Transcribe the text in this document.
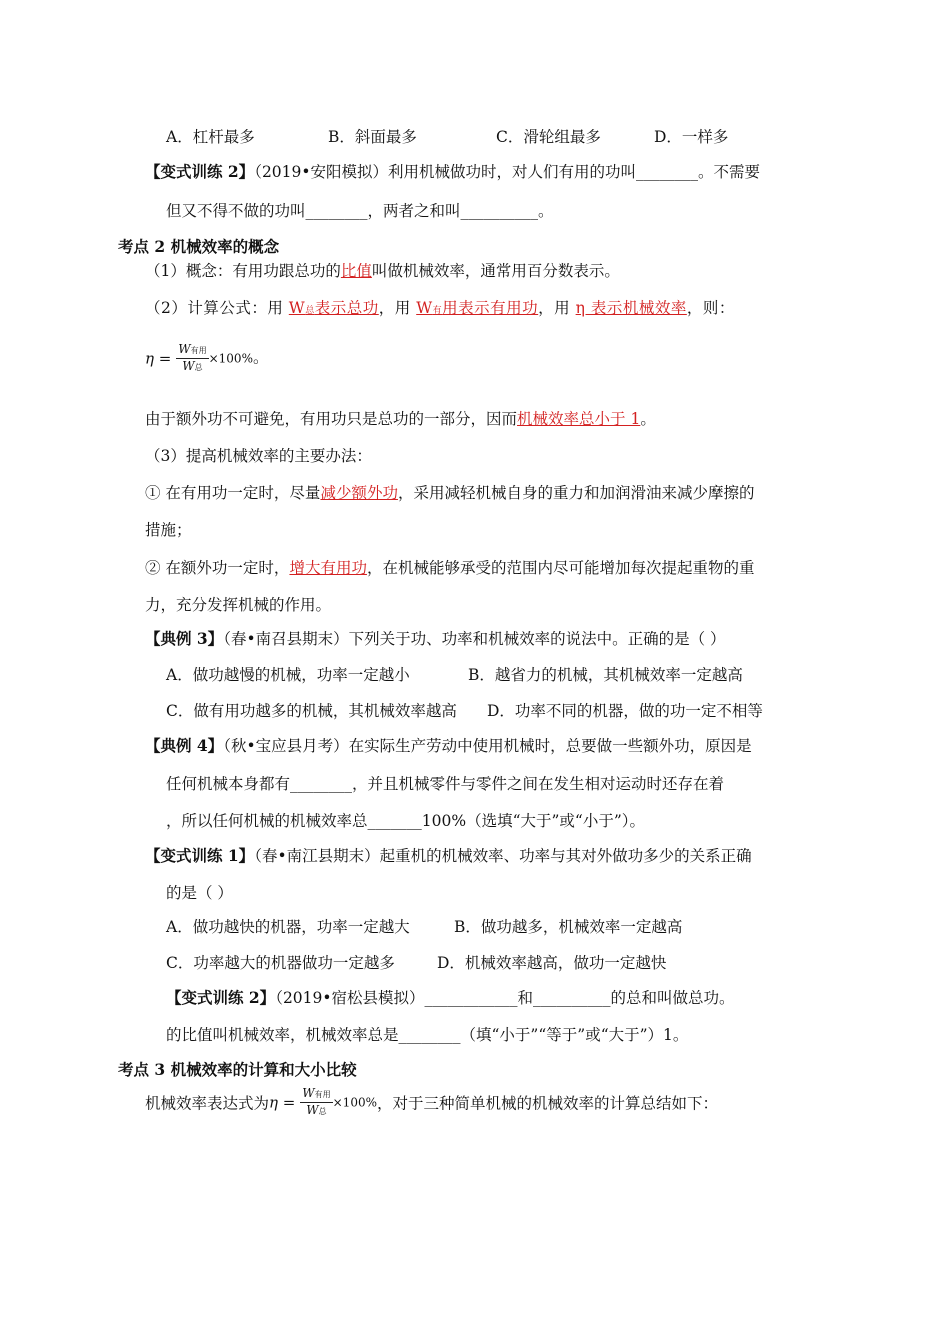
A．杠杆最多	B．斜面最多	C．滑轮组最多	D．一样多
【变式训练 2】（2019•安阳模拟）利用机械做功时，对人们有用的功叫________。不需要
但又不得不做的功叫________，两者之和叫__________。
考点 2 机械效率的概念
（1）概念：有用功跟总功的比值叫做机械效率，通常用百分数表示。
（2）计算公式：用 W总表示总功，用 W有用表示有用功，用 η 表示机械效率，则：
$\eta = \frac{\text{W有用}}{\text{W总}} \times 100\%$。
由于额外功不可避免，有用功只是总功的一部分，因而机械效率总小于 1。
（3）提高机械效率的主要办法：
① 在有用功一定时，尽量减少额外功，采用减轻机械自身的重力和加润滑油来减少摩擦的
措施；
② 在额外功一定时，增大有用功，在机械能够承受的范围内尽可能增加每次提起重物的重
力，充分发挥机械的作用。
【典例 3】（春•南召县期末）下列关于功、功率和机械效率的说法中。正确的是（ ）
A．做功越慢的机械，功率一定越小	B．越省力的机械，其机械效率一定越高
C．做有用功越多的机械，其机械效率越高 D．功率不同的机器，做的功一定不相等
【典例 4】（秋•宝应县月考）在实际生产劳动中使用机械时，总要做一些额外功，原因是
任何机械本身都有________，并且机械零件与零件之间在发生相对运动时还存在着
，所以任何机械的机械效率总_______100%（选填“大于”或“小于”）。
【变式训练 1】（春•南江县期末）起重机的机械效率、功率与其对外做功多少的关系正确
的是（ ）
A．做功越快的机器，功率一定越大	B．做功越多，机械效率一定越高
C．功率越大的机器做功一定越多	D．机械效率越高，做功一定越快
【变式训练 2】（2019•宿松县模拟）____________和__________的总和叫做总功。
的比值叫机械效率，机械效率总是________（填“小于”“等于”或“大于”）1。
考点 3 机械效率的计算和大小比较
机械效率表达式为$\eta = \frac{\text{W有用}}{\text{W总}} \times 100\%$，对于三种简单机械的机械效率的计算总结如下：
